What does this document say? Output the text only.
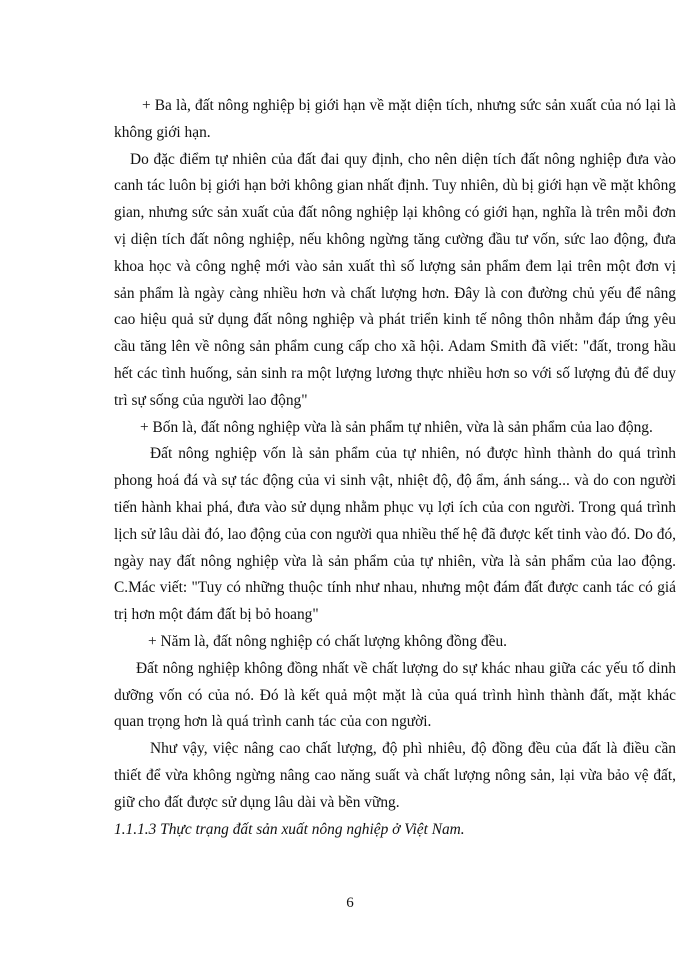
+ Ba là, đất nông nghiệp bị giới hạn về mặt diện tích, nhưng sức sản xuất của nó lại là không giới hạn.

Do đặc điểm tự nhiên của đất đai quy định, cho nên diện tích đất nông nghiệp đưa vào canh tác luôn bị giới hạn bởi không gian nhất định. Tuy nhiên, dù bị giới hạn về mặt không gian, nhưng sức sản xuất của đất nông nghiệp lại không có giới hạn, nghĩa là trên mỗi đơn vị diện tích đất nông nghiệp, nếu không ngừng tăng cường đầu tư vốn, sức lao động, đưa khoa học và công nghệ mới vào sản xuất thì số lượng sản phẩm đem lại trên một đơn vị sản phẩm là ngày càng nhiều hơn và chất lượng hơn. Đây là con đường chủ yếu để nâng cao hiệu quả sử dụng đất nông nghiệp và phát triển kinh tế nông thôn nhằm đáp ứng yêu cầu tăng lên về nông sản phẩm cung cấp cho xã hội. Adam Smith đã viết: "đất, trong hầu hết các tình huống, sản sinh ra một lượng lương thực nhiều hơn so với số lượng đủ để duy trì sự sống của người lao động"

+ Bốn là, đất nông nghiệp vừa là sản phẩm tự nhiên, vừa là sản phẩm của lao động.

Đất nông nghiệp vốn là sản phẩm của tự nhiên, nó được hình thành do quá trình phong hoá đá và sự tác động của vi sinh vật, nhiệt độ, độ ẩm, ánh sáng... và do con người tiến hành khai phá, đưa vào sử dụng nhằm phục vụ lợi ích của con người. Trong quá trình lịch sử lâu dài đó, lao động của con người qua nhiều thế hệ đã được kết tinh vào đó. Do đó, ngày nay đất nông nghiệp vừa là sản phẩm của tự nhiên, vừa là sản phẩm của lao động. C.Mác viết: "Tuy có những thuộc tính như nhau, nhưng một đám đất được canh tác có giá trị hơn một đám đất bị bỏ hoang"

+ Năm là, đất nông nghiệp có chất lượng không đồng đều.

Đất nông nghiệp không đồng nhất về chất lượng do sự khác nhau giữa các yếu tố dinh dưỡng vốn có của nó. Đó là kết quả một mặt là của quá trình hình thành đất, mặt khác quan trọng hơn là quá trình canh tác của con người.

Như vậy, việc nâng cao chất lượng, độ phì nhiêu, độ đồng đều của đất là điều cần thiết để vừa không ngừng nâng cao năng suất và chất lượng nông sản, lại vừa bảo vệ đất, giữ cho đất được sử dụng lâu dài và bền vững.

1.1.1.3 Thực trạng đất sản xuất nông nghiệp ở Việt Nam.

6
